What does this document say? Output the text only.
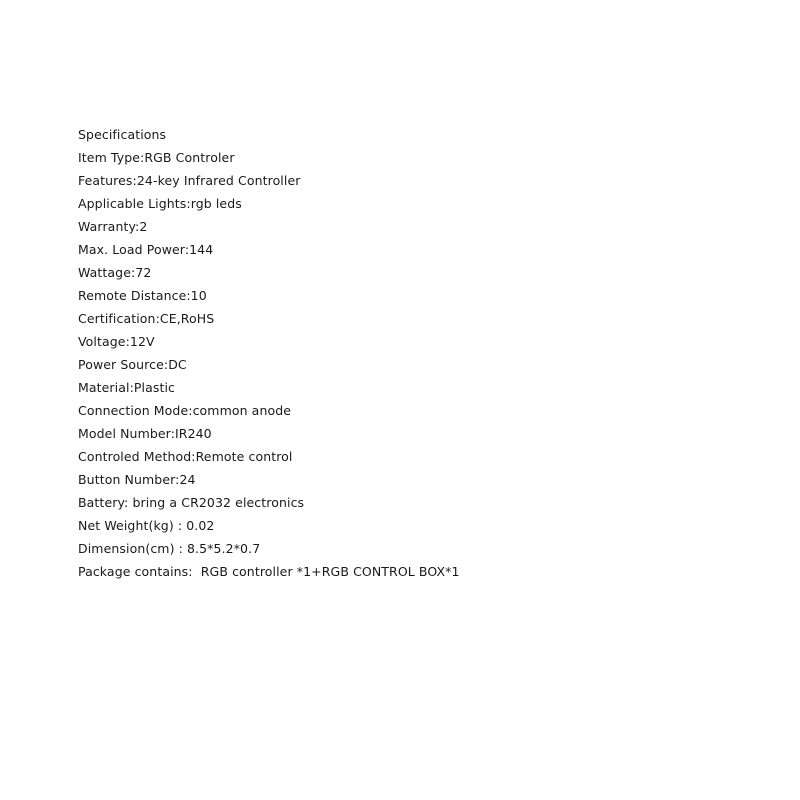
Specifications
Item Type:RGB Controler
Features:24-key Infrared Controller
Applicable Lights:rgb leds
Warranty:2
Max. Load Power:144
Wattage:72
Remote Distance:10
Certification:CE,RoHS
Voltage:12V
Power Source:DC
Material:Plastic
Connection Mode:common anode
Model Number:IR240
Controled Method:Remote control
Button Number:24
Battery: bring a CR2032 electronics
Net Weight(kg) : 0.02
Dimension(cm) : 8.5*5.2*0.7
Package contains:  RGB controller *1+RGB CONTROL BOX*1
